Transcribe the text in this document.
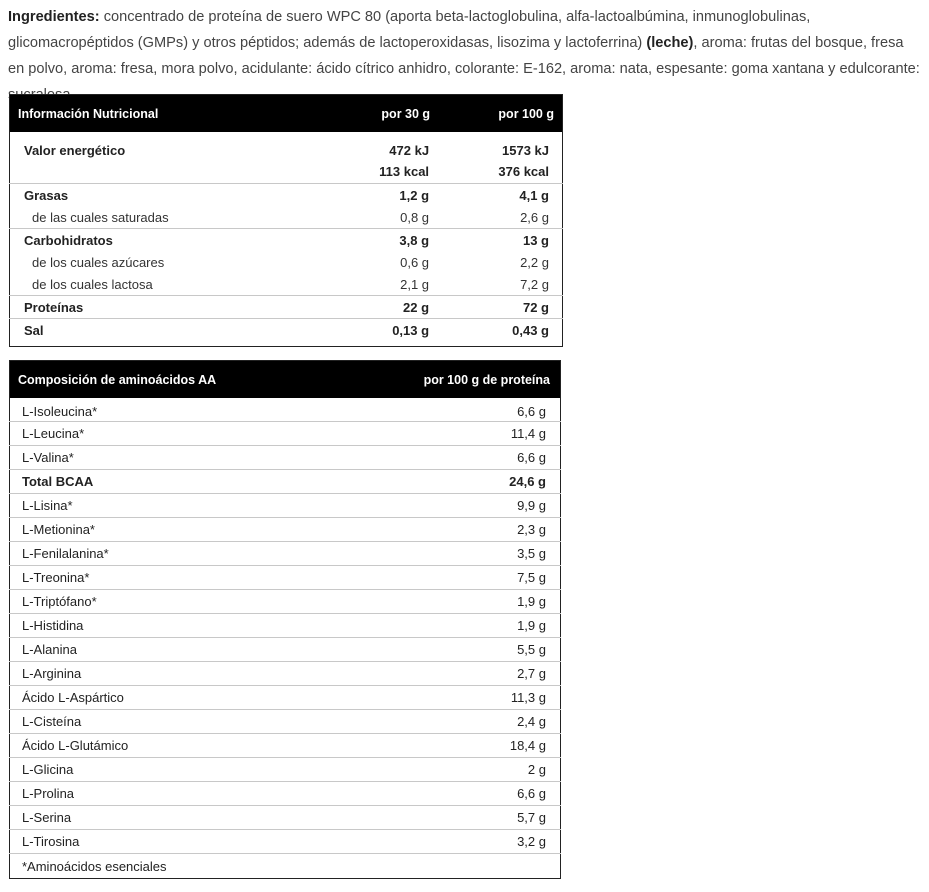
Ingredientes: concentrado de proteína de suero WPC 80 (aporta beta-lactoglobulina, alfa-lactoalbúmina, inmunoglobulinas, glicomacropéptidos (GMPs) y otros péptidos; además de lactoperoxidasas, lisozima y lactoferrina) (leche), aroma: frutas del bosque, fresa en polvo, aroma: fresa, mora polvo, acidulante: ácido cítrico anhidro, colorante: E-162, aroma: nata, espesante: goma xantana y edulcorante:

Información Nutricional	por 30 g	por 100 g
Valor energético	472 kJ	1573 kJ
	113 kcal	376 kcal
Grasas	1,2 g	4,1 g
de las cuales saturadas	0,8 g	2,6 g
Carbohidratos	3,8 g	13 g
de los cuales azúcares	0,6 g	2,2 g
de los cuales lactosa	2,1 g	7,2 g
Proteínas	22 g	72 g
Sal	0,13 g	0,43 g

Composición de aminoácidos AA	por 100 g de proteína
L-Isoleucina*	6,6 g
L-Leucina*	11,4 g
L-Valina*	6,6 g
Total BCAA	24,6 g
L-Lisina*	9,9 g
L-Metionina*	2,3 g
L-Fenilalanina*	3,5 g
L-Treonina*	7,5 g
L-Triptófano*	1,9 g
L-Histidina	1,9 g
L-Alanina	5,5 g
L-Arginina	2,7 g
Ácido L-Aspártico	11,3 g
L-Cisteína	2,4 g
Ácido L-Glutámico	18,4 g
L-Glicina	2 g
L-Prolina	6,6 g
L-Serina	5,7 g
L-Tirosina	3,2 g
*Aminoácidos esenciales	
